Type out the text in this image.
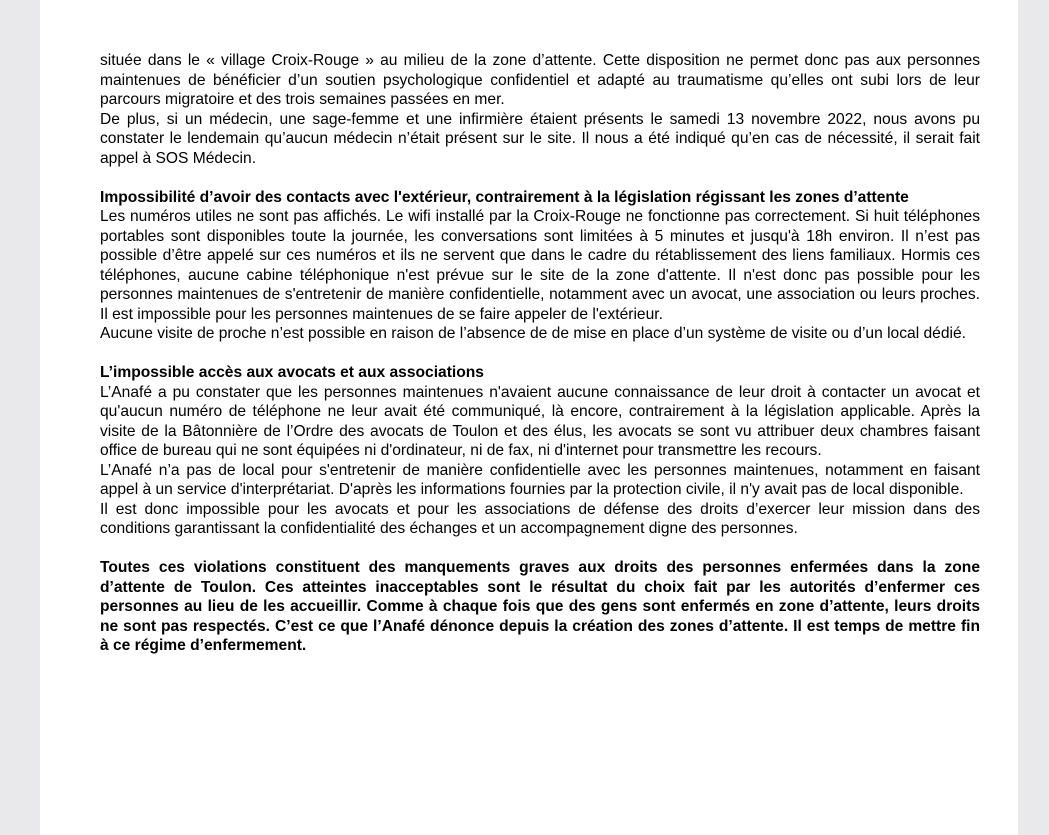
située dans le « village Croix-Rouge » au milieu de la zone d’attente. Cette disposition ne permet donc pas aux personnes maintenues de bénéficier d’un soutien psychologique confidentiel et adapté au traumatisme qu’elles ont subi lors de leur parcours migratoire et des trois semaines passées en mer.

De plus, si un médecin, une sage-femme et une infirmière étaient présents le samedi 13 novembre 2022, nous avons pu constater le lendemain qu’aucun médecin n’était présent sur le site. Il nous a été indiqué qu’en cas de nécessité, il serait fait appel à SOS Médecin.

Impossibilité d’avoir des contacts avec l'extérieur, contrairement à la législation régissant les zones d’attente

Les numéros utiles ne sont pas affichés. Le wifi installé par la Croix-Rouge ne fonctionne pas correctement. Si huit téléphones portables sont disponibles toute la journée, les conversations sont limitées à 5 minutes et jusqu'à 18h environ. Il n’est pas possible d’être appelé sur ces numéros et ils ne servent que dans le cadre du rétablissement des liens familiaux. Hormis ces téléphones, aucune cabine téléphonique n'est prévue sur le site de la zone d'attente. Il n'est donc pas possible pour les personnes maintenues de s'entretenir de manière confidentielle, notamment avec un avocat, une association ou leurs proches. Il est impossible pour les personnes maintenues de se faire appeler de l'extérieur.

Aucune visite de proche n’est possible en raison de l’absence de de mise en place d’un système de visite ou d’un local dédié.

L’impossible accès aux avocats et aux associations

L’Anafé a pu constater que les personnes maintenues n'avaient aucune connaissance de leur droit à contacter un avocat et qu'aucun numéro de téléphone ne leur avait été communiqué, là encore, contrairement à la législation applicable. Après la visite de la Bâtonnière de l’Ordre des avocats de Toulon et des élus, les avocats se sont vu attribuer deux chambres faisant office de bureau qui ne sont équipées ni d'ordinateur, ni de fax, ni d'internet pour transmettre les recours.

L’Anafé n’a pas de local pour s'entretenir de manière confidentielle avec les personnes maintenues, notamment en faisant appel à un service d'interprétariat. D'après les informations fournies par la protection civile, il n'y avait pas de local disponible.

Il est donc impossible pour les avocats et pour les associations de défense des droits d’exercer leur mission dans des conditions garantissant la confidentialité des échanges et un accompagnement digne des personnes.

Toutes ces violations constituent des manquements graves aux droits des personnes enfermées dans la zone d’attente de Toulon. Ces atteintes inacceptables sont le résultat du choix fait par les autorités d’enfermer ces personnes au lieu de les accueillir. Comme à chaque fois que des gens sont enfermés en zone d’attente, leurs droits ne sont pas respectés. C’est ce que l’Anafé dénonce depuis la création des zones d’attente. Il est temps de mettre fin à ce régime d’enfermement.
